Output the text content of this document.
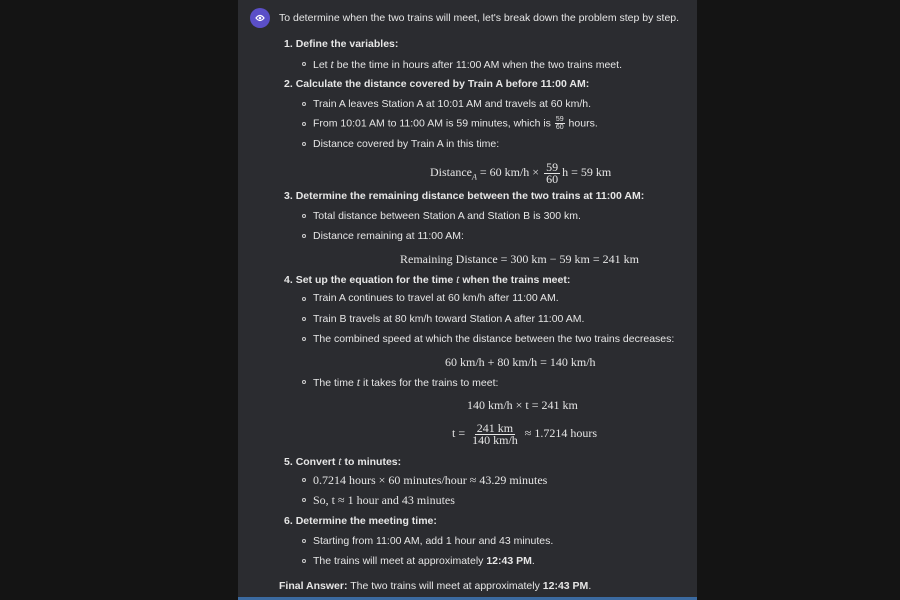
To determine when the two trains will meet, let's break down the problem step by step.
1. Define the variables:
Let t be the time in hours after 11:00 AM when the two trains meet.
2. Calculate the distance covered by Train A before 11:00 AM:
Train A leaves Station A at 10:01 AM and travels at 60 km/h.
From 10:01 AM to 11:00 AM is 59 minutes, which is $\frac{59}{60}$ hours.
Distance covered by Train A in this time:
Distance$_A$ = 60 $km/h \times \frac{59}{60}$ h = 59 km
3. Determine the remaining distance between the two trains at 11:00 AM:
Total distance between Station A and Station B is 300 km.
Distance remaining at 11:00 AM:
Remaining Distance = 300 km − 59 km = 241 km
4. Set up the equation for the time t when the trains meet:
Train A continues to travel at 60 km/h after 11:00 AM.
Train B travels at 80 km/h toward Station A after 11:00 AM.
The combined speed at which the distance between the two trains decreases:
60 km/h + 80 km/h = 140 km/h
The time t it takes for the trains to meet:
140 km/h × t = 241 km
$t = \frac{241 km}{140 km/h} \approx 1.7214$ hours
5. Convert t to minutes:
0.7214 hours × 60 minutes/hour ≈ 43.29 minutes
So, t ≈ 1 hour and 43 minutes
6. Determine the meeting time:
Starting from 11:00 AM, add 1 hour and 43 minutes.
The trains will meet at approximately 12:43 PM.
Final Answer: The two trains will meet at approximately 12:43 PM.
